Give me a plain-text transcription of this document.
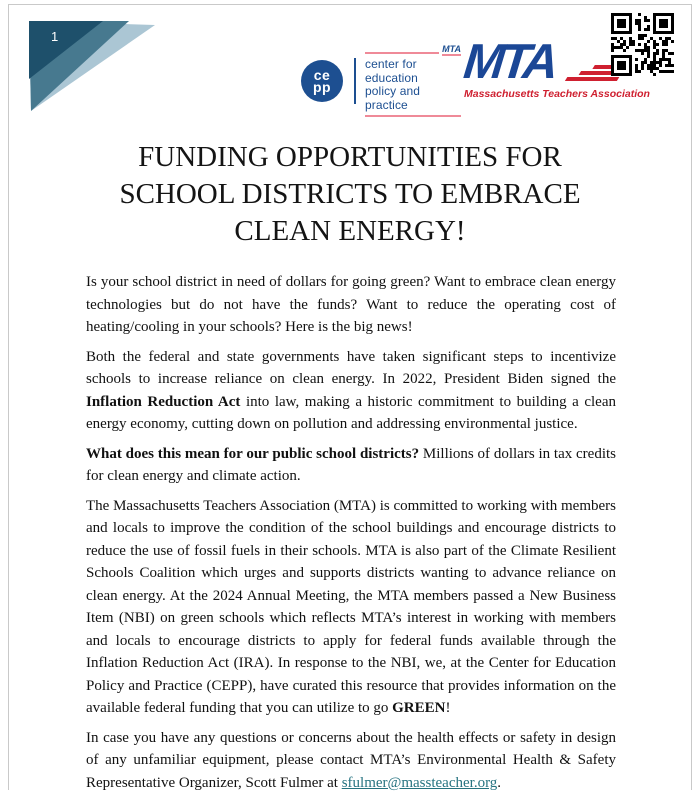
1
ce
pp
MTA
center for education
policy and practice
MTA
Massachusetts Teachers Association
FUNDING OPPORTUNITIES FOR
SCHOOL DISTRICTS TO EMBRACE
CLEAN ENERGY!

Is your school district in need of dollars for going green? Want to embrace clean energy technologies but do not have the funds? Want to reduce the operating cost of heating/cooling in your schools? Here is the big news!

Both the federal and state governments have taken significant steps to incentivize schools to increase reliance on clean energy. In 2022, President Biden signed the Inflation Reduction Act into law, making a historic commitment to building a clean energy economy, cutting down on pollution and addressing environmental justice.

What does this mean for our public school districts? Millions of dollars in tax credits for clean energy and climate action.

The Massachusetts Teachers Association (MTA) is committed to working with members and locals to improve the condition of the school buildings and encourage districts to reduce the use of fossil fuels in their schools. MTA is also part of the Climate Resilient Schools Coalition which urges and supports districts wanting to advance reliance on clean energy. At the 2024 Annual Meeting, the MTA members passed a New Business Item (NBI) on green schools which reflects MTA’s interest in working with members and locals to encourage districts to apply for federal funds available through the Inflation Reduction Act (IRA). In response to the NBI, we, at the Center for Education Policy and Practice (CEPP), have curated this resource that provides information on the available federal funding that you can utilize to go GREEN!

In case you have any questions or concerns about the health effects or safety in design of any unfamiliar equipment, please contact MTA’s Environmental Health & Safety Representative Organizer, Scott Fulmer at sfulmer@massteacher.org.
